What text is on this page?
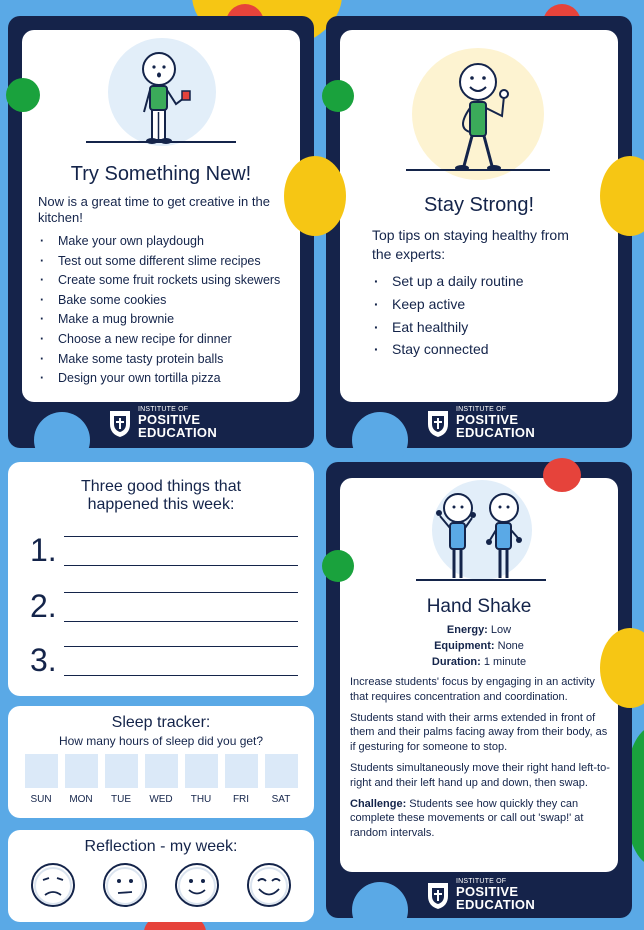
Try Something New!
Now is a great time to get creative in the kitchen!
· Make your own playdough
· Test out some different slime recipes
· Create some fruit rockets using skewers
· Bake some cookies
· Make a mug brownie
· Choose a new recipe for dinner
· Make some tasty protein balls
· Design your own tortilla pizza
INSTITUTE OF
POSITIVE
EDUCATION
Stay Strong!
Top tips on staying healthy from the experts:
· Set up a daily routine
· Keep active
· Eat healthily
· Stay connected
INSTITUTE OF
POSITIVE
EDUCATION
Three good things that happened this week:
1.
2.
3.
Sleep tracker:
How many hours of sleep did you get?
SUN	MON	TUE	WED	THU	FRI	SAT
Reflection - my week:
Hand Shake
Energy: Low
Equipment: None
Duration: 1 minute

Increase students' focus by engaging in an activity that requires concentration and coordination.

Students stand with their arms extended in front of them and their palms facing away from their body, as if gesturing for someone to stop.

Students simultaneously move their right hand left-to-right and their left hand up and down, then swap.

Challenge: Students see how quickly they can complete these movements or call out 'swap!' at random intervals.

INSTITUTE OF
POSITIVE
EDUCATION
